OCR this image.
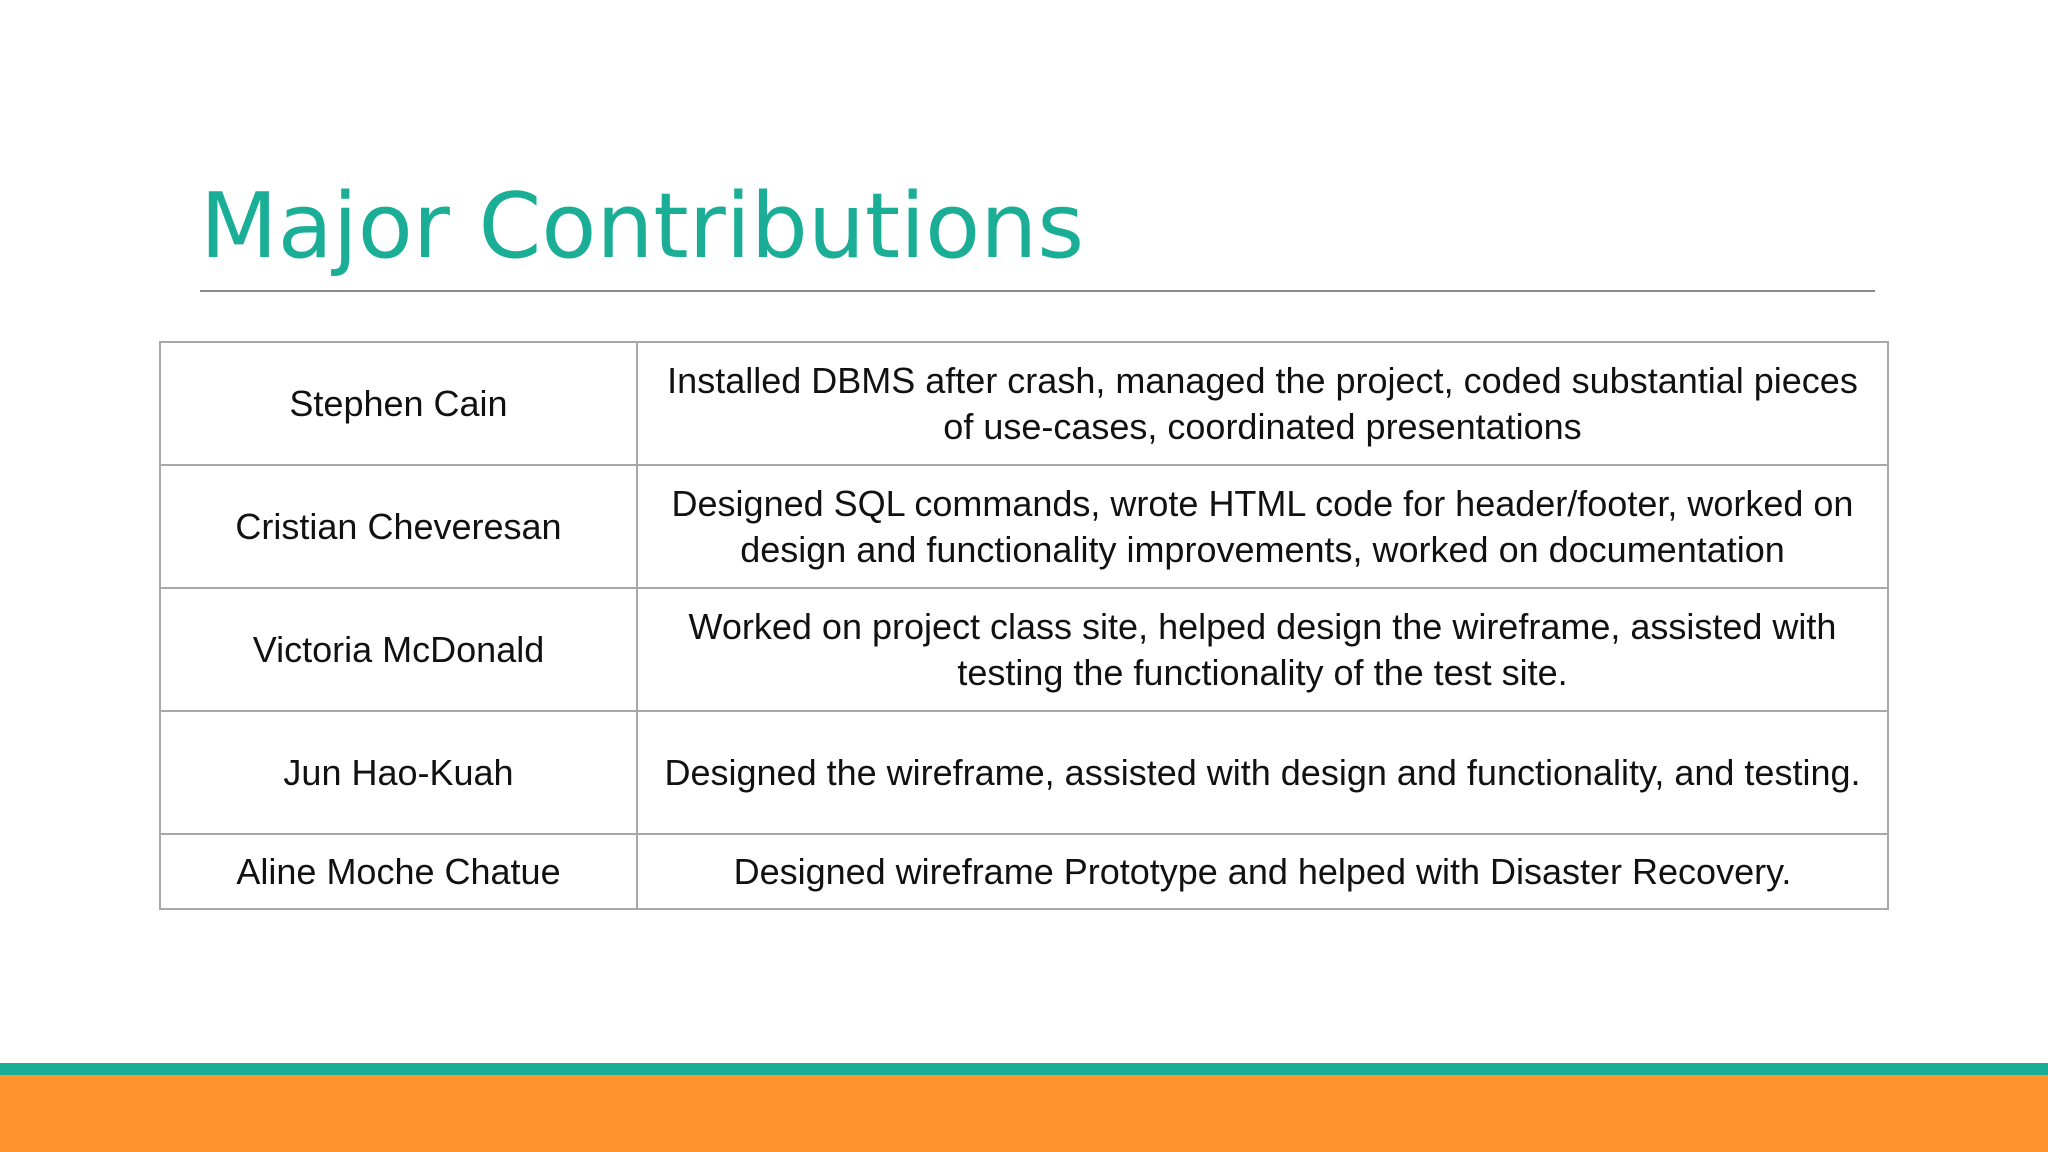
Major Contributions
Stephen Cain	Installed DBMS after crash, managed the project, coded substantial pieces of use-cases, coordinated presentations
Cristian Cheveresan	Designed SQL commands, wrote HTML code for header/footer, worked on design and functionality improvements, worked on documentation
Victoria McDonald	Worked on project class site, helped design the wireframe, assisted with testing the functionality of the test site.
Jun Hao-Kuah	Designed the wireframe, assisted with design and functionality, and testing.
Aline Moche Chatue	Designed wireframe Prototype and helped with Disaster Recovery.
